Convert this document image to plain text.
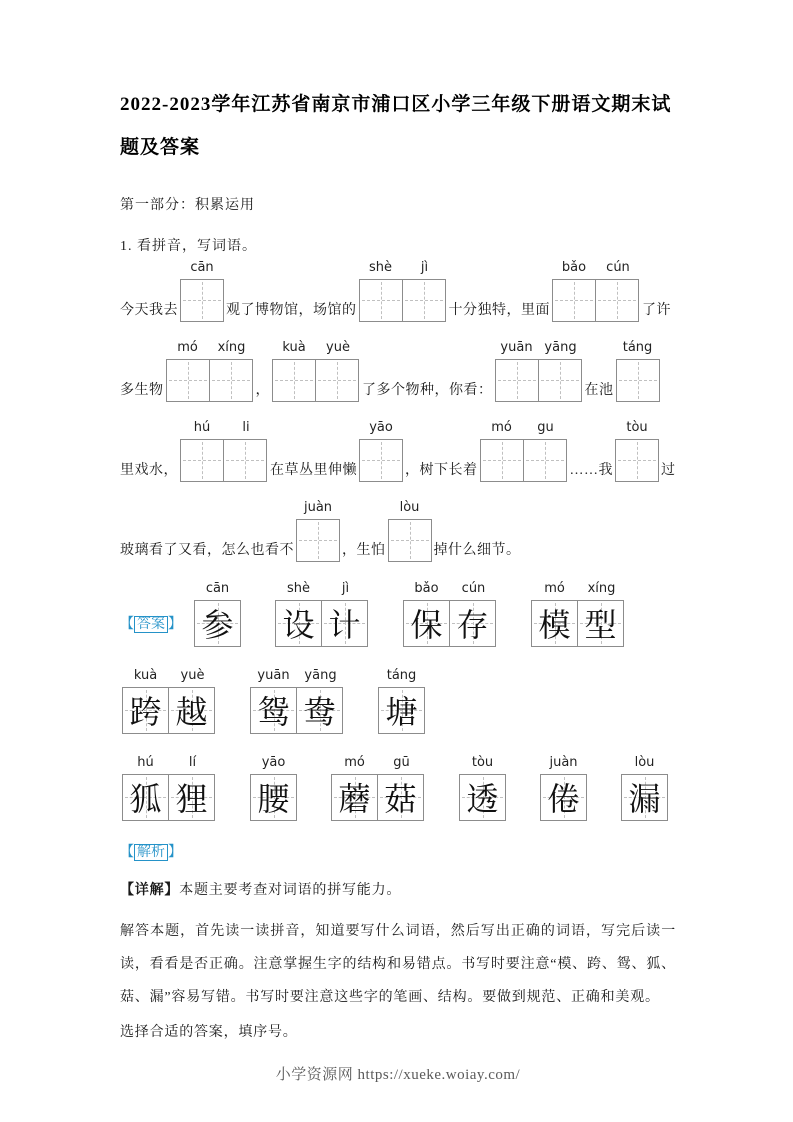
2022-2023学年江苏省南京市浦口区小学三年级下册语文期末试题及答案

第一部分：积累运用

1. 看拼音，写词语。

今天我去
cān
观了博物馆，场馆的
shè	jì
十分独特，里面
bǎo	cún
了许
多生物
mó	xíng
，
kuà	yuè
了多个物种，你看：
yuān yāng
在池
táng
里戏水，
hú	li
在草丛里伸懒
yāo
，树下长着
mó	gu
……我
tòu
过
玻璃看了又看，怎么也看不
juàn
，生怕
lòu
掉什么细节。
【 答案 】
cān
参
shè	jì
设 计
bǎo	cún
保 存
mó	xíng
模 型
kuà	yuè
跨 越
yuān	yāng
鸳 鸯
táng
塘
hú	lí
狐 狸
yāo
腰
mó	gū
蘑 菇
tòu
透
juàn
倦
lòu
漏

【 解析 】

【详解】本题主要考查对词语的拼写能力。

解答本题，首先读一读拼音，知道要写什么词语，然后写出正确的词语，写完后读一读，看看是否正确。注意掌握生字的结构和易错点。书写时要注意“模、跨、鸳、狐、菇、漏”容易写错。书写时要注意这些字的笔画、结构。要做到规范、正确和美观。

选择合适的答案，填序号。

小学资源网 https://xueke.woiay.com/
